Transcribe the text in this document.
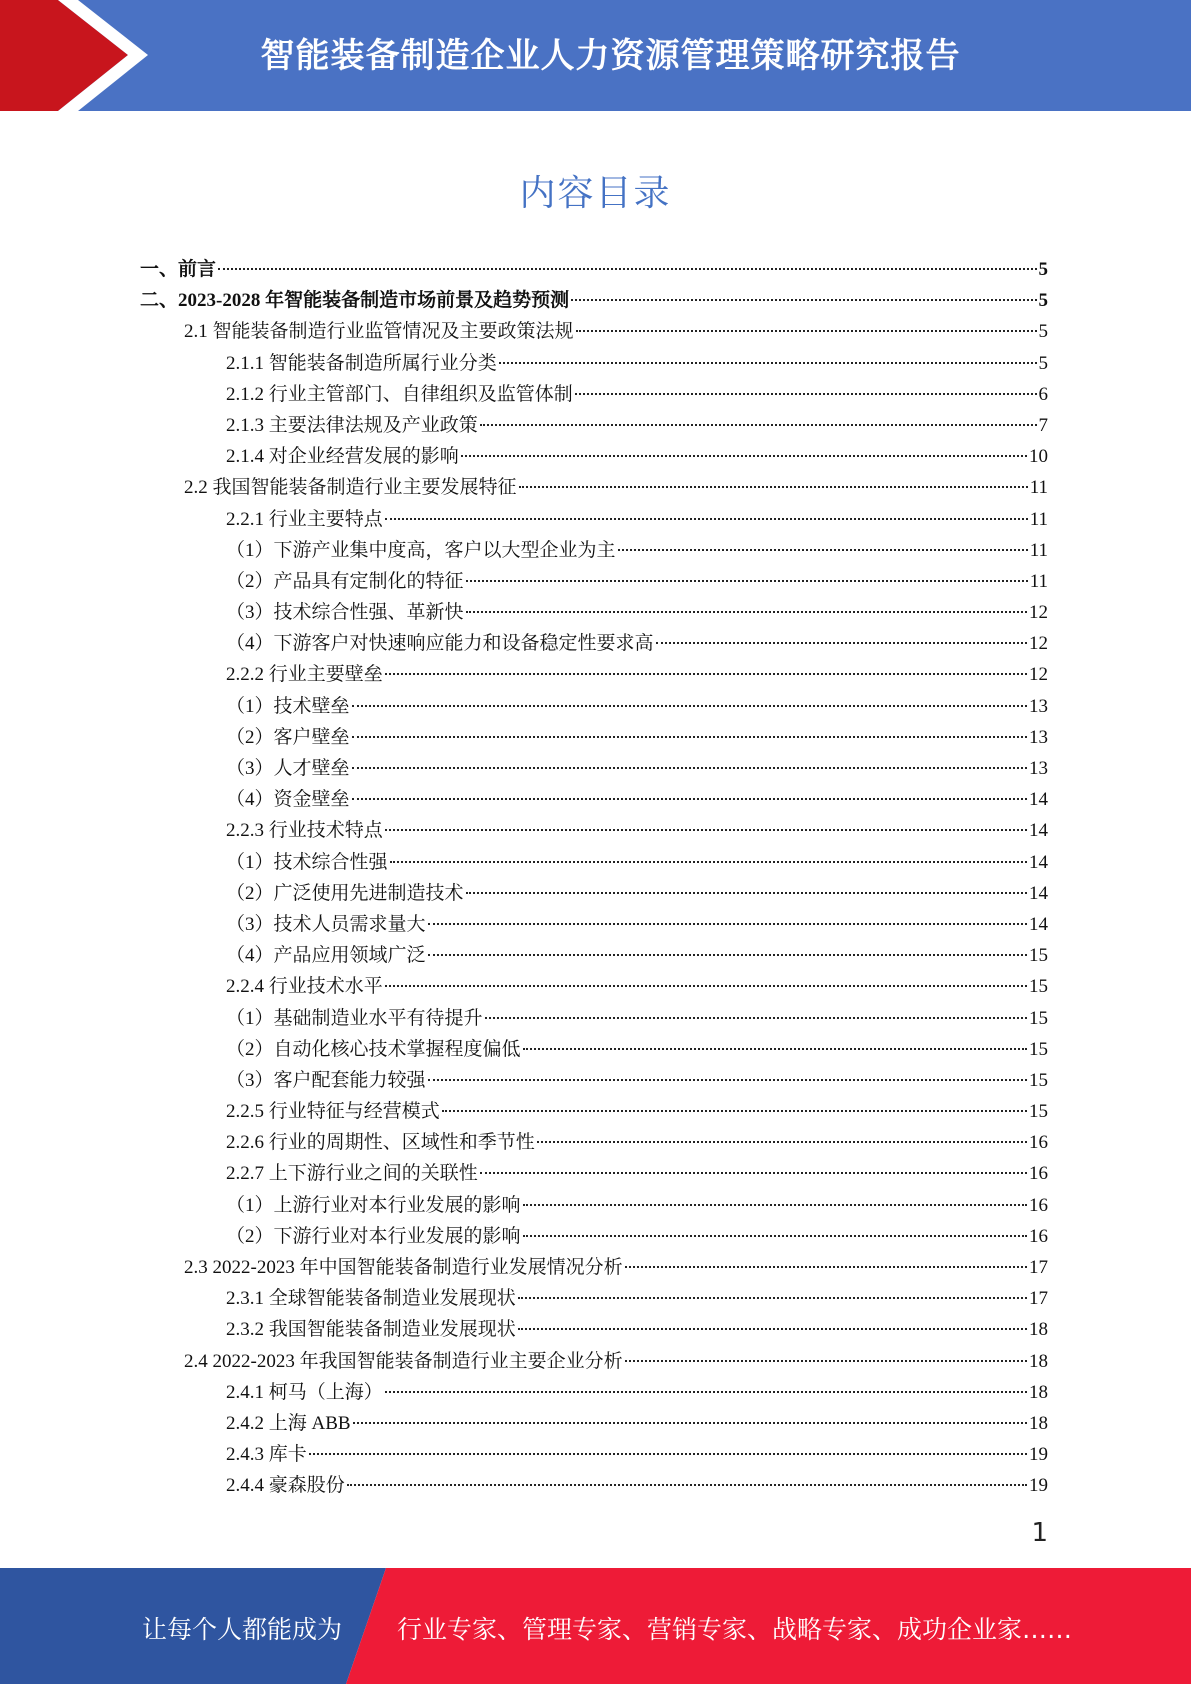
智能装备制造企业人力资源管理策略研究报告
内容目录
一、前言	5
二、2023-2028 年智能装备制造市场前景及趋势预测	5
2.1 智能装备制造行业监管情况及主要政策法规	5
2.1.1 智能装备制造所属行业分类	5
2.1.2 行业主管部门、自律组织及监管体制	6
2.1.3 主要法律法规及产业政策	7
2.1.4 对企业经营发展的影响	10
2.2 我国智能装备制造行业主要发展特征	11
2.2.1 行业主要特点	11
（1）下游产业集中度高，客户以大型企业为主	11
（2）产品具有定制化的特征	11
（3）技术综合性强、革新快	12
（4）下游客户对快速响应能力和设备稳定性要求高	12
2.2.2 行业主要壁垒	12
（1）技术壁垒	13
（2）客户壁垒	13
（3）人才壁垒	13
（4）资金壁垒	14
2.2.3 行业技术特点	14
（1）技术综合性强	14
（2）广泛使用先进制造技术	14
（3）技术人员需求量大	14
（4）产品应用领域广泛	15
2.2.4 行业技术水平	15
（1）基础制造业水平有待提升	15
（2）自动化核心技术掌握程度偏低	15
（3）客户配套能力较强	15
2.2.5 行业特征与经营模式	15
2.2.6 行业的周期性、区域性和季节性	16
2.2.7 上下游行业之间的关联性	16
（1）上游行业对本行业发展的影响	16
（2）下游行业对本行业发展的影响	16
2.3 2022-2023 年中国智能装备制造行业发展情况分析	17
2.3.1 全球智能装备制造业发展现状	17
2.3.2 我国智能装备制造业发展现状	18
2.4 2022-2023 年我国智能装备制造行业主要企业分析	18
2.4.1 柯马（上海）	18
2.4.2 上海 ABB	18
2.4.3 库卡	19
2.4.4 豪森股份	19
1
让每个人都能成为 行业专家、管理专家、营销专家、战略专家、成功企业家……
